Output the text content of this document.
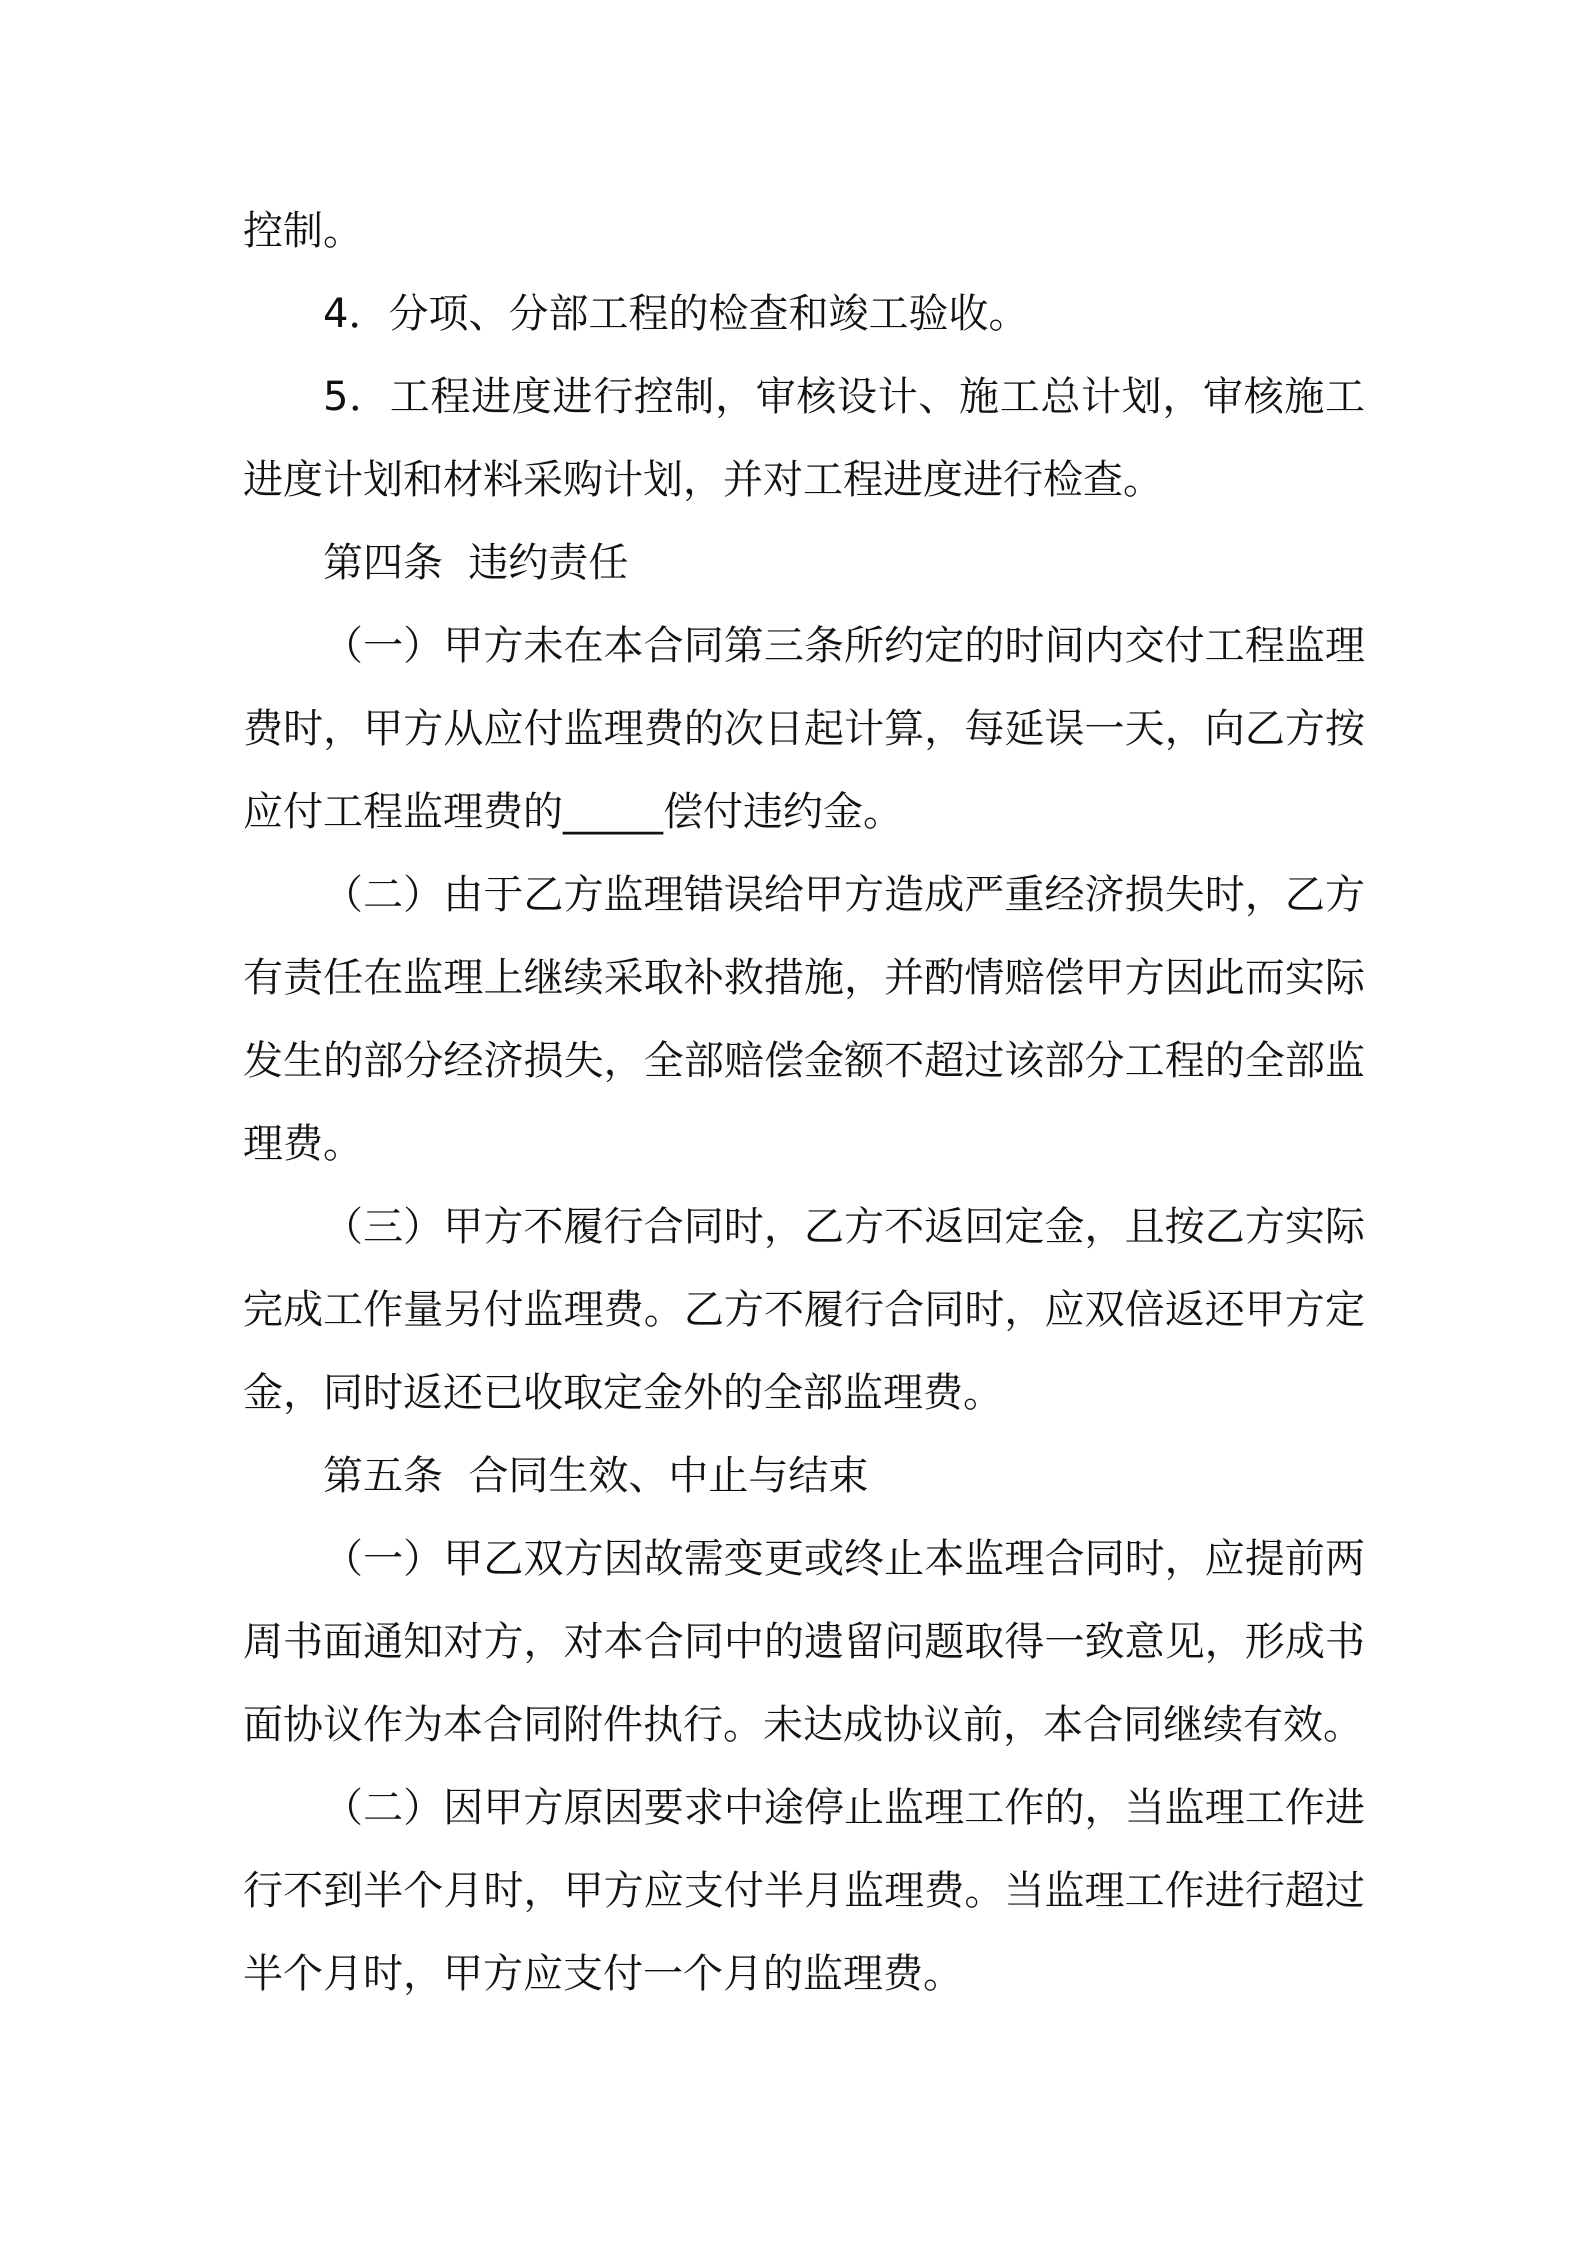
控制。

4．分项、分部工程的检查和竣工验收。

5．工程进度进行控制，审核设计、施工总计划，审核施工进度计划和材料采购计划，并对工程进度进行检查。

第四条  违约责任

（一）甲方未在本合同第三条所约定的时间内交付工程监理费时，甲方从应付监理费的次日起计算，每延误一天，向乙方按应付工程监理费的_____偿付违约金。

（二）由于乙方监理错误给甲方造成严重经济损失时，乙方有责任在监理上继续采取补救措施，并酌情赔偿甲方因此而实际发生的部分经济损失，全部赔偿金额不超过该部分工程的全部监理费。

（三）甲方不履行合同时，乙方不返回定金，且按乙方实际完成工作量另付监理费。乙方不履行合同时，应双倍返还甲方定金，同时返还已收取定金外的全部监理费。

第五条  合同生效、中止与结束

（一）甲乙双方因故需变更或终止本监理合同时，应提前两周书面通知对方，对本合同中的遗留问题取得一致意见，形成书面协议作为本合同附件执行。未达成协议前，本合同继续有效。

（二）因甲方原因要求中途停止监理工作的，当监理工作进行不到半个月时，甲方应支付半月监理费。当监理工作进行超过半个月时，甲方应支付一个月的监理费。
